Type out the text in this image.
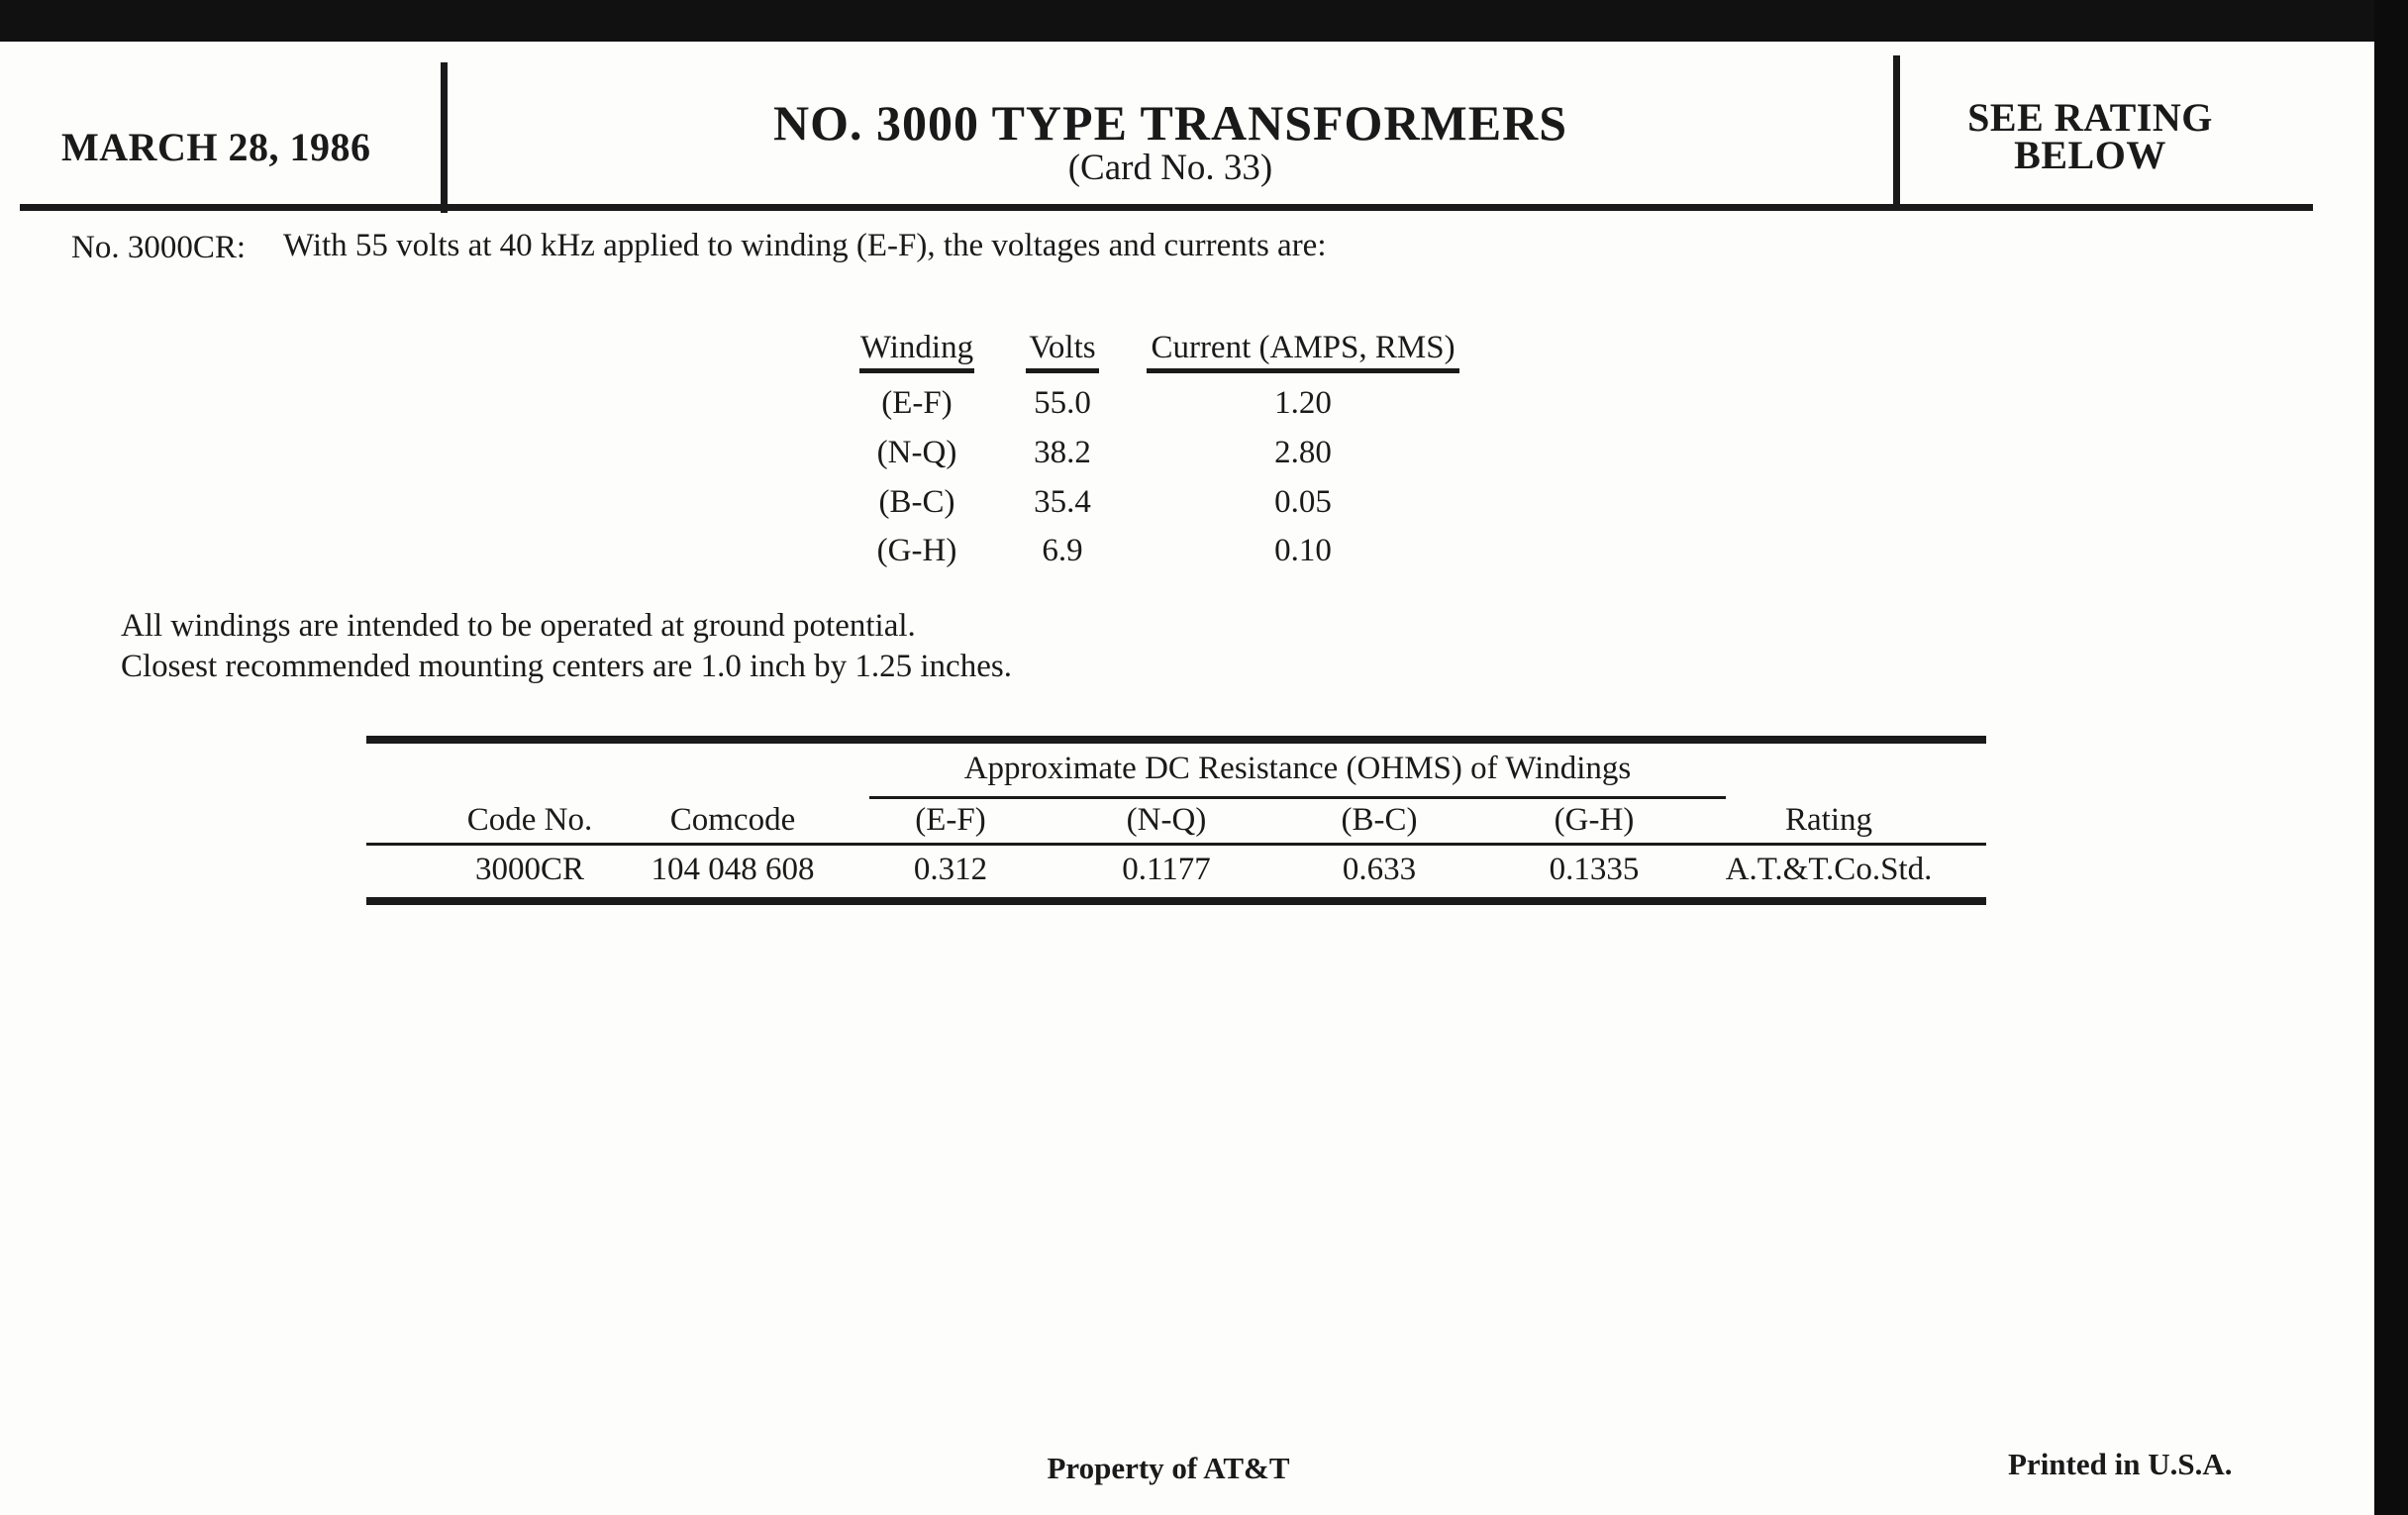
MARCH 28, 1986	NO. 3000 TYPE TRANSFORMERS
(Card No. 33)
SEE RATING
BELOW
No. 3000CR: With 55 volts at 40 kHz applied to winding (E-F), the voltages and currents are:
Winding Volts Current (AMPS, RMS)
(E-F)	55.0	1.20
(N-Q)	38.2	2.80
(B-C)	35.4	0.05
(G-H)	6.9	0.10
All windings are intended to be operated at ground potential.
Closest recommended mounting centers are 1.0 inch by 1.25 inches.
Approximate DC Resistance (OHMS) of Windings
Code No.	Comcode	(E-F)	(N-Q)	(B-C)	(G-H)	Rating
3000CR	104 048 608	0.312	0.1177	0.633	0.1335	A.T.&T.Co.Std.
Property of AT&T	Printed in U.S.A.
